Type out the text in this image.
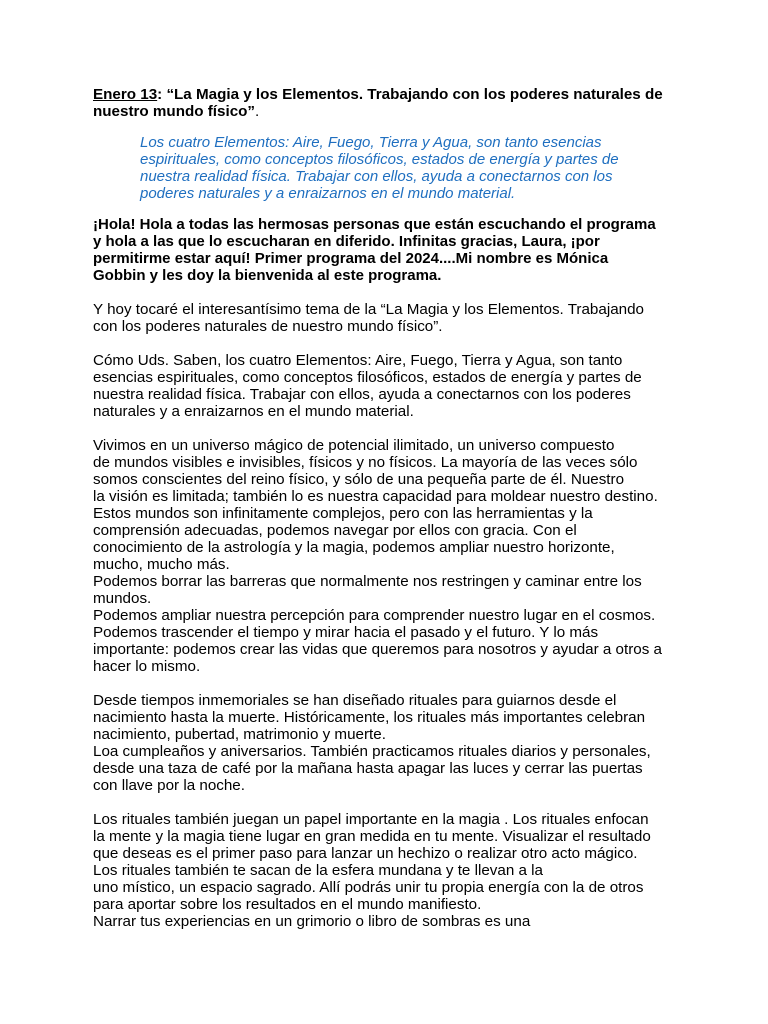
Enero 13: “La Magia y los Elementos. Trabajando con los poderes naturales de
nuestro mundo físico”.
Los cuatro Elementos: Aire, Fuego, Tierra y Agua, son tanto esencias
espirituales, como conceptos filosóficos, estados de energía y partes de
nuestra realidad física. Trabajar con ellos, ayuda a conectarnos con los
poderes naturales y a enraizarnos en el mundo material.
¡Hola! Hola a todas las hermosas personas que están escuchando el programa
y hola a las que lo escucharan en diferido. Infinitas gracias, Laura, ¡por
permitirme estar aquí! Primer programa del 2024....Mi nombre es Mónica
Gobbin y les doy la bienvenida al este programa.
Y hoy tocaré el interesantísimo tema de la “La Magia y los Elementos. Trabajando
con los poderes naturales de nuestro mundo físico”.
Cómo Uds. Saben, los cuatro Elementos: Aire, Fuego, Tierra y Agua, son tanto
esencias espirituales, como conceptos filosóficos, estados de energía y partes de
nuestra realidad física. Trabajar con ellos, ayuda a conectarnos con los poderes
naturales y a enraizarnos en el mundo material.
Vivimos en un universo mágico de potencial ilimitado, un universo compuesto
de mundos visibles e invisibles, físicos y no físicos. La mayoría de las veces sólo
somos conscientes del reino físico, y sólo de una pequeña parte de él. Nuestro
la visión es limitada; también lo es nuestra capacidad para moldear nuestro destino.
Estos mundos son infinitamente complejos, pero con las herramientas y la
comprensión adecuadas, podemos navegar por ellos con gracia. Con el
conocimiento de la astrología y la magia, podemos ampliar nuestro horizonte,
mucho, mucho más.
Podemos borrar las barreras que normalmente nos restringen y caminar entre los
mundos.
Podemos ampliar nuestra percepción para comprender nuestro lugar en el cosmos.
Podemos trascender el tiempo y mirar hacia el pasado y el futuro. Y lo más
importante: podemos crear las vidas que queremos para nosotros y ayudar a otros a
hacer lo mismo.
Desde tiempos inmemoriales se han diseñado rituales para guiarnos desde el
nacimiento hasta la muerte. Históricamente, los rituales más importantes celebran
nacimiento, pubertad, matrimonio y muerte.
Loa cumpleaños y aniversarios. También practicamos rituales diarios y personales,
desde una taza de café por la mañana hasta apagar las luces y cerrar las puertas
con llave por la noche.
Los rituales también juegan un papel importante en la magia . Los rituales enfocan
la mente y la magia tiene lugar en gran medida en tu mente. Visualizar el resultado
que deseas es el primer paso para lanzar un hechizo o realizar otro acto mágico.
Los rituales también te sacan de la esfera mundana y te llevan a la
uno místico, un espacio sagrado. Allí podrás unir tu propia energía con la de otros
para aportar sobre los resultados en el mundo manifiesto.
Narrar tus experiencias en un grimorio o libro de sombras es una
